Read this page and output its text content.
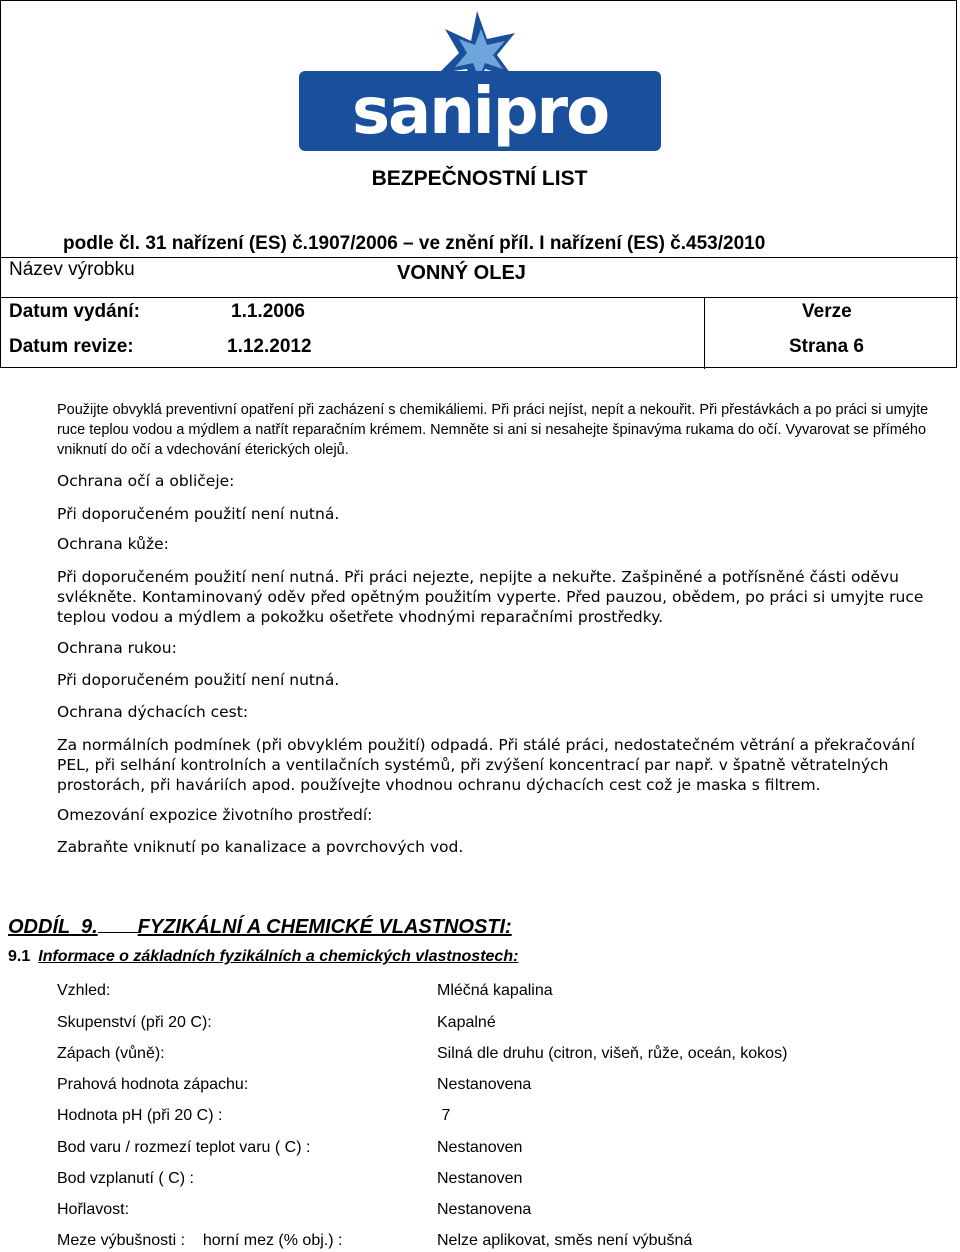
sanipro
BEZPEČNOSTNÍ LIST
podle čl. 31 nařízení (ES) č.1907/2006 – ve znění příl. I nařízení (ES) č.453/2010
Název výrobku	VONNÝ OLEJ
Datum vydání:	1.1.2006	Verze
Datum revize:	1.12.2012	Strana 6
Použijte obvyklá preventivní opatření při zacházení s chemikáliemi. Při práci nejíst, nepít a nekouřit. Při přestávkách a po práci si umyjte ruce teplou vodou a mýdlem a natřít reparačním krémem. Nemněte si ani si nesahejte špinavýma rukama do očí. Vyvarovat se přímého vniknutí do očí a vdechování éterických olejů.
Ochrana očí a obličeje:
Při doporučeném použití není nutná.
Ochrana kůže:
Při doporučeném použití není nutná. Při práci nejezte, nepijte a nekuřte. Zašpiněné a potřísněné části oděvu svlékněte. Kontaminovaný oděv před opětným použitím vyperte. Před pauzou, obědem, po práci si umyjte ruce teplou vodou a mýdlem a pokožku ošetřete vhodnými reparačními prostředky.
Ochrana rukou:
Při doporučeném použití není nutná.
Ochrana dýchacích cest:
Za normálních podmínek (při obvyklém použití) odpadá. Při stálé práci, nedostatečném větrání a překračování PEL, při selhání kontrolních a ventilačních systémů, při zvýšení koncentrací par např. v špatně větratelných prostorách, při haváriích apod. používejte vhodnou ochranu dýchacích cest což je maska s filtrem.
Omezování expozice životního prostředí:
Zabraňte vniknutí po kanalizace a povrchových vod.
ODDÍL  9. FYZIKÁLNÍ A CHEMICKÉ VLASTNOSTI:
9.1 Informace o základních fyzikálních a chemických vlastnostech:
Vzhled:	Mléčná kapalina
Skupenství (při 20 C):	Kapalné
Zápach (vůně):	Silná dle druhu (citron, višeň, růže, oceán, kokos)
Prahová hodnota zápachu:	Nestanovena
Hodnota pH (při 20 C) :	7
Bod varu / rozmezí teplot varu ( C) :	Nestanoven
Bod vzplanutí ( C) :	Nestanoven
Hořlavost:	Nestanovena
Meze výbušnosti :    horní mez (% obj.) :	Nelze aplikovat, směs není výbušná
